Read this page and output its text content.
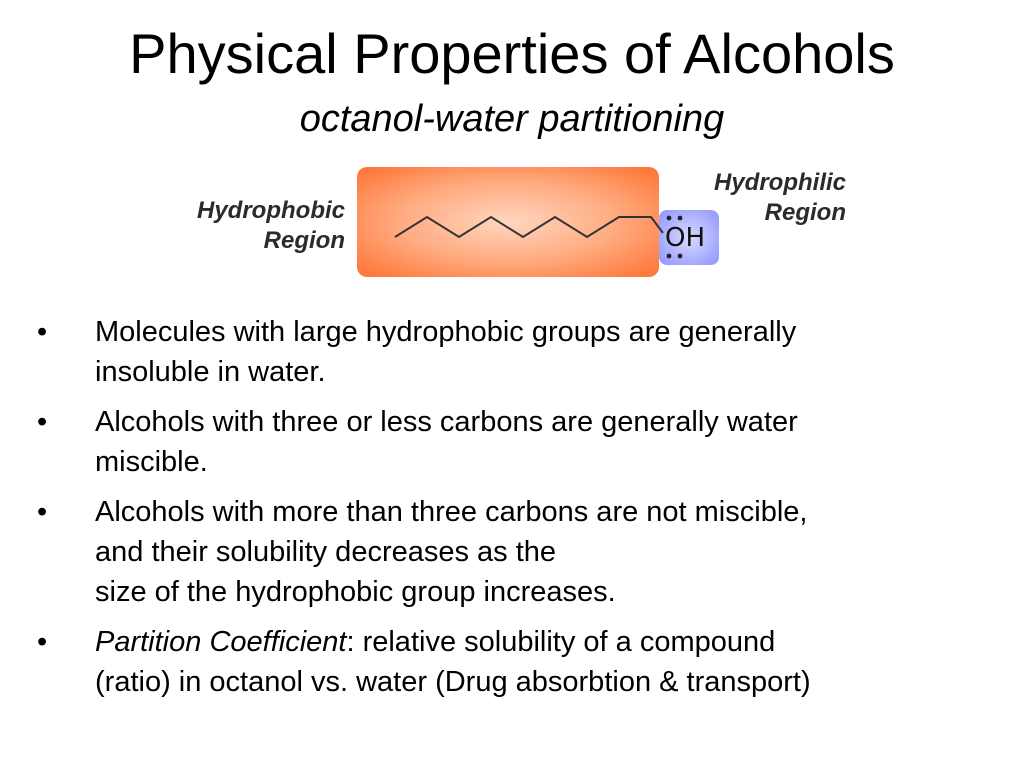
Physical Properties of Alcohols
octanol-water partitioning
OH
Hydrophobic
Region
Hydrophilic
Region
• Molecules with large hydrophobic groups are generally
insoluble in water.
• Alcohols with three or less carbons are generally water
miscible.
• Alcohols with more than three carbons are not miscible,
and their solubility decreases as the
size of the hydrophobic group increases.
• Partition Coefficient: relative solubility of a compound
(ratio) in octanol vs. water (Drug absorbtion & transport)
